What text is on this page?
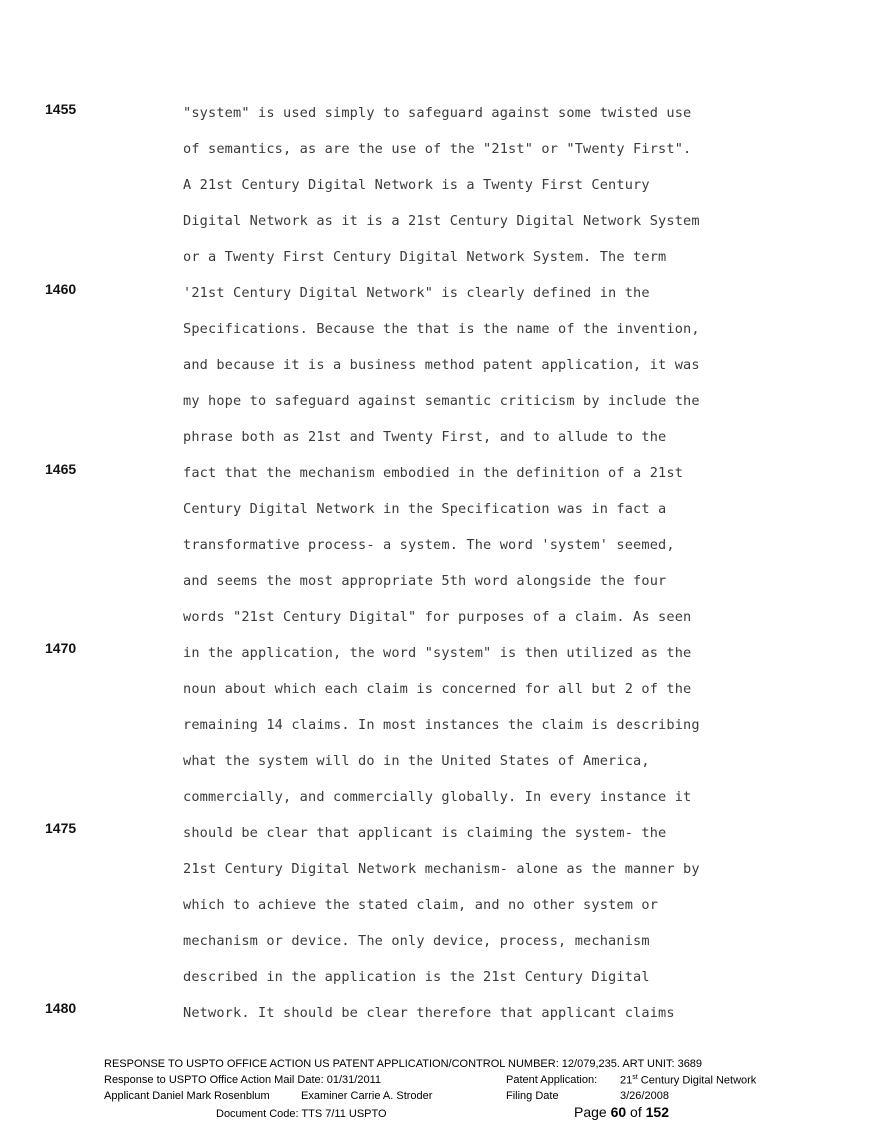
1455
1460
1465
1470
1475
1480
"system" is used simply to safeguard against some twisted use
of semantics, as are the use of the "21st" or "Twenty First".
A 21st Century Digital Network is a Twenty First Century
Digital Network as it is a 21st Century Digital Network System
or a Twenty First Century Digital Network System. The term
'21st Century Digital Network" is clearly defined in the
Specifications. Because the that is the name of the invention,
and because it is a business method patent application, it was
my hope to safeguard against semantic criticism by include the
phrase both as 21st and Twenty First, and to allude to the
fact that the mechanism embodied in the definition of a 21st
Century Digital Network in the Specification was in fact a
transformative process- a system. The word 'system' seemed,
and seems the most appropriate 5th word alongside the four
words "21st Century Digital" for purposes of a claim. As seen
in the application, the word "system" is then utilized as the
noun about which each claim is concerned for all but 2 of the
remaining 14 claims. In most instances the claim is describing
what the system will do in the United States of America,
commercially, and commercially globally. In every instance it
should be clear that applicant is claiming the system- the
21st Century Digital Network mechanism- alone as the manner by
which to achieve the stated claim, and no other system or
mechanism or device. The only device, process, mechanism
described in the application is the 21st Century Digital
Network. It should be clear therefore that applicant claims
RESPONSE TO USPTO OFFICE ACTION US PATENT APPLICATION/CONTROL NUMBER: 12/079,235. ART UNIT: 3689
Response to USPTO Office Action Mail Date: 01/31/2011	Patent Application: 21st Century Digital Network
Applicant Daniel Mark Rosenblum	Examiner Carrie A. Stroder	Filing Date	3/26/2008
Document Code: TTS 7/11 USPTO	Page 60 of 152
